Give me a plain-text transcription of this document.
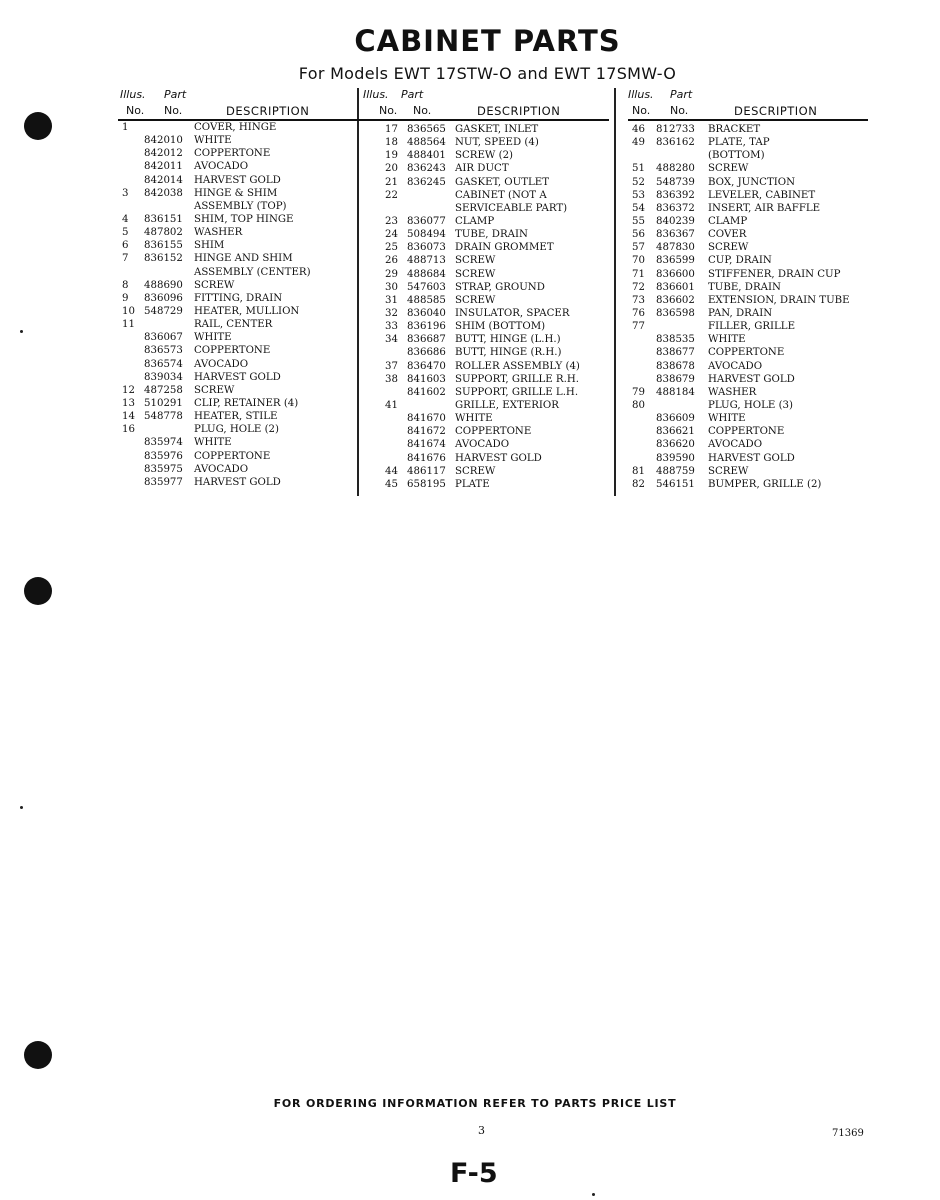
CABINET PARTS
For Models EWT 17STW-O and EWT 17SMW-O
Illus. Part
No. No.	DESCRIPTION
1	COVER, HINGE
842010 WHITE
842012 COPPERTONE
842011 AVOCADO
842014 HARVEST GOLD
3 842038 HINGE & SHIM
ASSEMBLY (TOP)
4 836151 SHIM, TOP HINGE
5 487802 WASHER
6 836155 SHIM
7 836152 HINGE AND SHIM
ASSEMBLY (CENTER)
8 488690 SCREW
9 836096 FITTING, DRAIN
10 548729 HEATER, MULLION
11	RAIL, CENTER
836067 WHITE
836573 COPPERTONE
836574 AVOCADO
839034 HARVEST GOLD
12 487258 SCREW
13 510291 CLIP, RETAINER (4)
14 548778 HEATER, STILE
16	PLUG, HOLE (2)
835974 WHITE
835976 COPPERTONE
835975 AVOCADO
835977 HARVEST GOLD
Illus. Part
No. No.	DESCRIPTION
17 836565 GASKET, INLET
18 488564 NUT, SPEED (4)
19 488401 SCREW (2)
20 836243 AIR DUCT
21 836245 GASKET, OUTLET
22	CABINET (NOT A
SERVICEABLE PART)
23 836077 CLAMP
24 508494 TUBE, DRAIN
25 836073 DRAIN GROMMET
26 488713 SCREW
29 488684 SCREW
30 547603 STRAP, GROUND
31 488585 SCREW
32 836040 INSULATOR, SPACER
33 836196 SHIM (BOTTOM)
34 836687 BUTT, HINGE (L.H.)
836686 BUTT, HINGE (R.H.)
37 836470 ROLLER ASSEMBLY (4)
38 841603 SUPPORT, GRILLE R.H.
841602 SUPPORT, GRILLE L.H.
41	GRILLE, EXTERIOR
841670 WHITE
841672 COPPERTONE
841674 AVOCADO
841676 HARVEST GOLD
44 486117 SCREW
45 658195 PLATE
Illus. Part
No. No.	DESCRIPTION
46 812733 BRACKET
49 836162 PLATE, TAP
(BOTTOM)
51 488280 SCREW
52 548739 BOX, JUNCTION
53 836392 LEVELER, CABINET
54 836372 INSERT, AIR BAFFLE
55 840239 CLAMP
56 836367 COVER
57 487830 SCREW
70 836599 CUP, DRAIN
71 836600 STIFFENER, DRAIN CUP
72 836601 TUBE, DRAIN
73 836602 EXTENSION, DRAIN TUBE
76 836598 PAN, DRAIN
77	FILLER, GRILLE
838535 WHITE
838677 COPPERTONE
838678 AVOCADO
838679 HARVEST GOLD
79 488184 WASHER
80	PLUG, HOLE (3)
836609 WHITE
836621 COPPERTONE
836620 AVOCADO
839590 HARVEST GOLD
81 488759 SCREW
82 546151 BUMPER, GRILLE (2)
FOR ORDERING INFORMATION REFER TO PARTS PRICE LIST
3	71369
F-5
